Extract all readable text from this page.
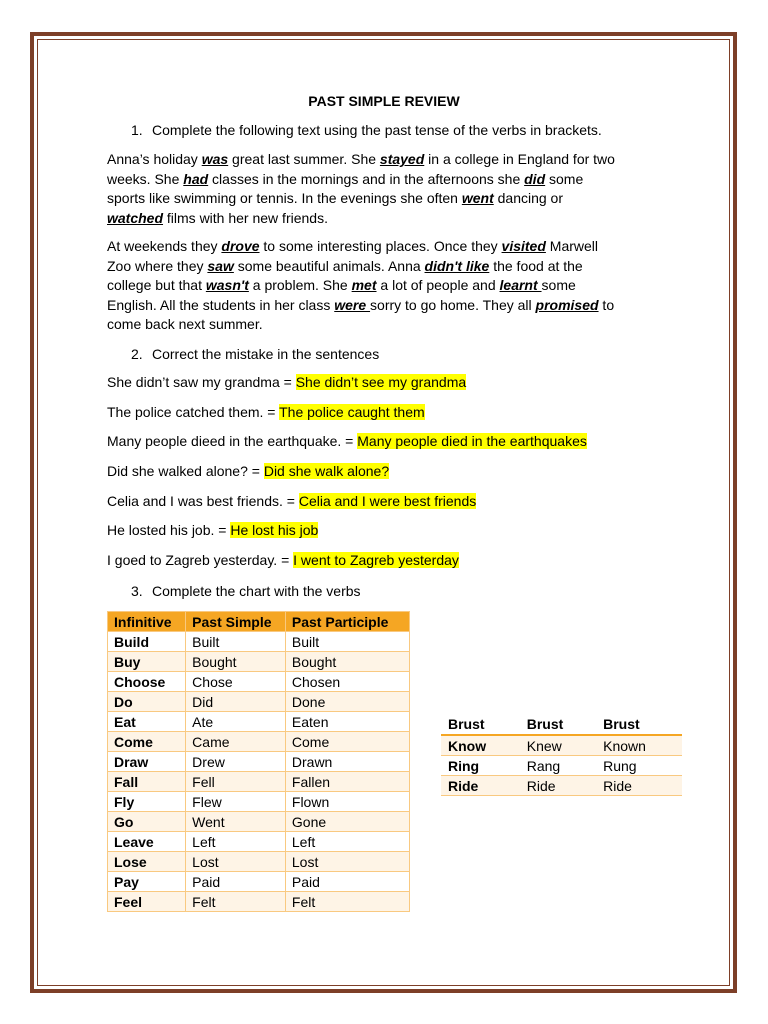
PAST SIMPLE REVIEW
1. Complete the following text using the past tense of the verbs in brackets.
Anna’s holiday was great last summer. She stayed in a college in England for two
weeks. She had classes in the mornings and in the afternoons she did some
sports like swimming or tennis. In the evenings she often went dancing or
watched films with her new friends.
At weekends they drove to some interesting places. Once they visited Marwell
Zoo where they saw some beautiful animals. Anna didn't like the food at the
college but that wasn't a problem. She met a lot of people and learnt some
English. All the students in her class were sorry to go home. They all promised to
come back next summer.
2. Correct the mistake in the sentences
She didn’t saw my grandma = She didn’t see my grandma
The police catched them. = The police caught them
Many people dieed in the earthquake. = Many people died in the earthquakes
Did she walked alone? = Did she walk alone?
Celia and I was best friends. = Celia and I were best friends
He losted his job. = He lost his job
I goed to Zagreb yesterday. = I went to Zagreb yesterday
3. Complete the chart with the verbs
Infinitive	Past Simple	Past Participle
Build	Built	Built
Buy	Bought	Bought
Choose	Chose	Chosen
Do	Did	Done
Eat	Ate	Eaten
Come	Came	Come
Draw	Drew	Drawn
Fall	Fell	Fallen
Fly	Flew	Flown
Go	Went	Gone
Leave	Left	Left
Lose	Lost	Lost
Pay	Paid	Paid
Feel	Felt	Felt
Brust	Brust	Brust
Know	Knew	Known
Ring	Rang	Rung
Ride	Ride	Ride
